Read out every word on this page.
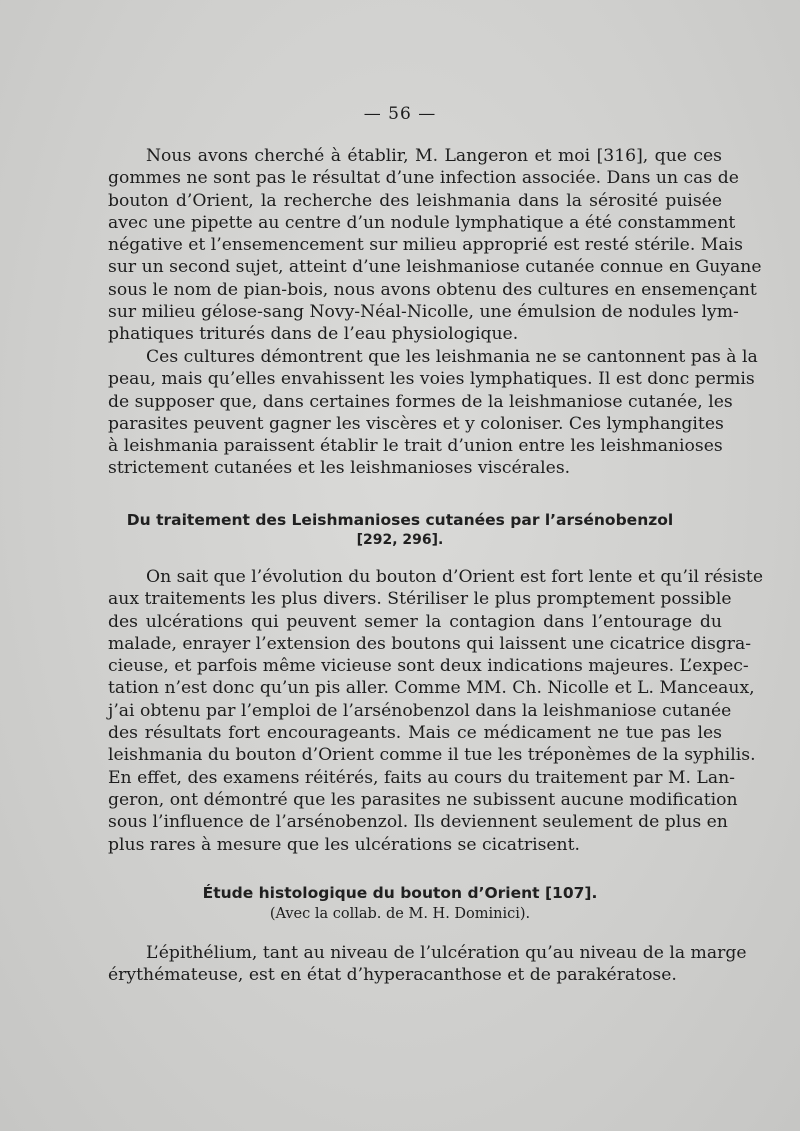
— 56 —
Nous avons cherché à établir, M. Langeron et moi [316], que ces
gommes ne sont pas le résultat d’une infection associée. Dans un cas de
bouton d’Orient, la recherche des leishmania dans la sérosité puisée
avec une pipette au centre d’un nodule lymphatique a été constamment
négative et l’ensemencement sur milieu approprié est resté stérile. Mais
sur un second sujet, atteint d’une leishmaniose cutanée connue en Guyane
sous le nom de pian-bois, nous avons obtenu des cultures en ensemençant
sur milieu gélose-sang Novy-Néal-Nicolle, une émulsion de nodules lym-
phatiques triturés dans de l’eau physiologique.
Ces cultures démontrent que les leishmania ne se cantonnent pas à la
peau, mais qu’elles envahissent les voies lymphatiques. Il est donc permis
de supposer que, dans certaines formes de la leishmaniose cutanée, les
parasites peuvent gagner les viscères et y coloniser. Ces lymphangites
à leishmania paraissent établir le trait d’union entre les leishmanioses
strictement cutanées et les leishmanioses viscérales.
Du traitement des Leishmanioses cutanées par l’arsénobenzol
[292, 296].
On sait que l’évolution du bouton d’Orient est fort lente et qu’il résiste
aux traitements les plus divers. Stériliser le plus promptement possible
des ulcérations qui peuvent semer la contagion dans l’entourage du
malade, enrayer l’extension des boutons qui laissent une cicatrice disgra-
cieuse, et parfois même vicieuse sont deux indications majeures. L’expec-
tation n’est donc qu’un pis aller. Comme MM. Ch. Nicolle et L. Manceaux,
j’ai obtenu par l’emploi de l’arsénobenzol dans la leishmaniose cutanée
des résultats fort encourageants. Mais ce médicament ne tue pas les
leishmania du bouton d’Orient comme il tue les tréponèmes de la syphilis.
En effet, des examens réitérés, faits au cours du traitement par M. Lan-
geron, ont démontré que les parasites ne subissent aucune modification
sous l’influence de l’arsénobenzol. Ils deviennent seulement de plus en
plus rares à mesure que les ulcérations se cicatrisent.
Étude histologique du bouton d’Orient [107].
(Avec la collab. de M. H. Dominici).
L’épithélium, tant au niveau de l’ulcération qu’au niveau de la marge
érythémateuse, est en état d’hyperacanthose et de parakératose.
